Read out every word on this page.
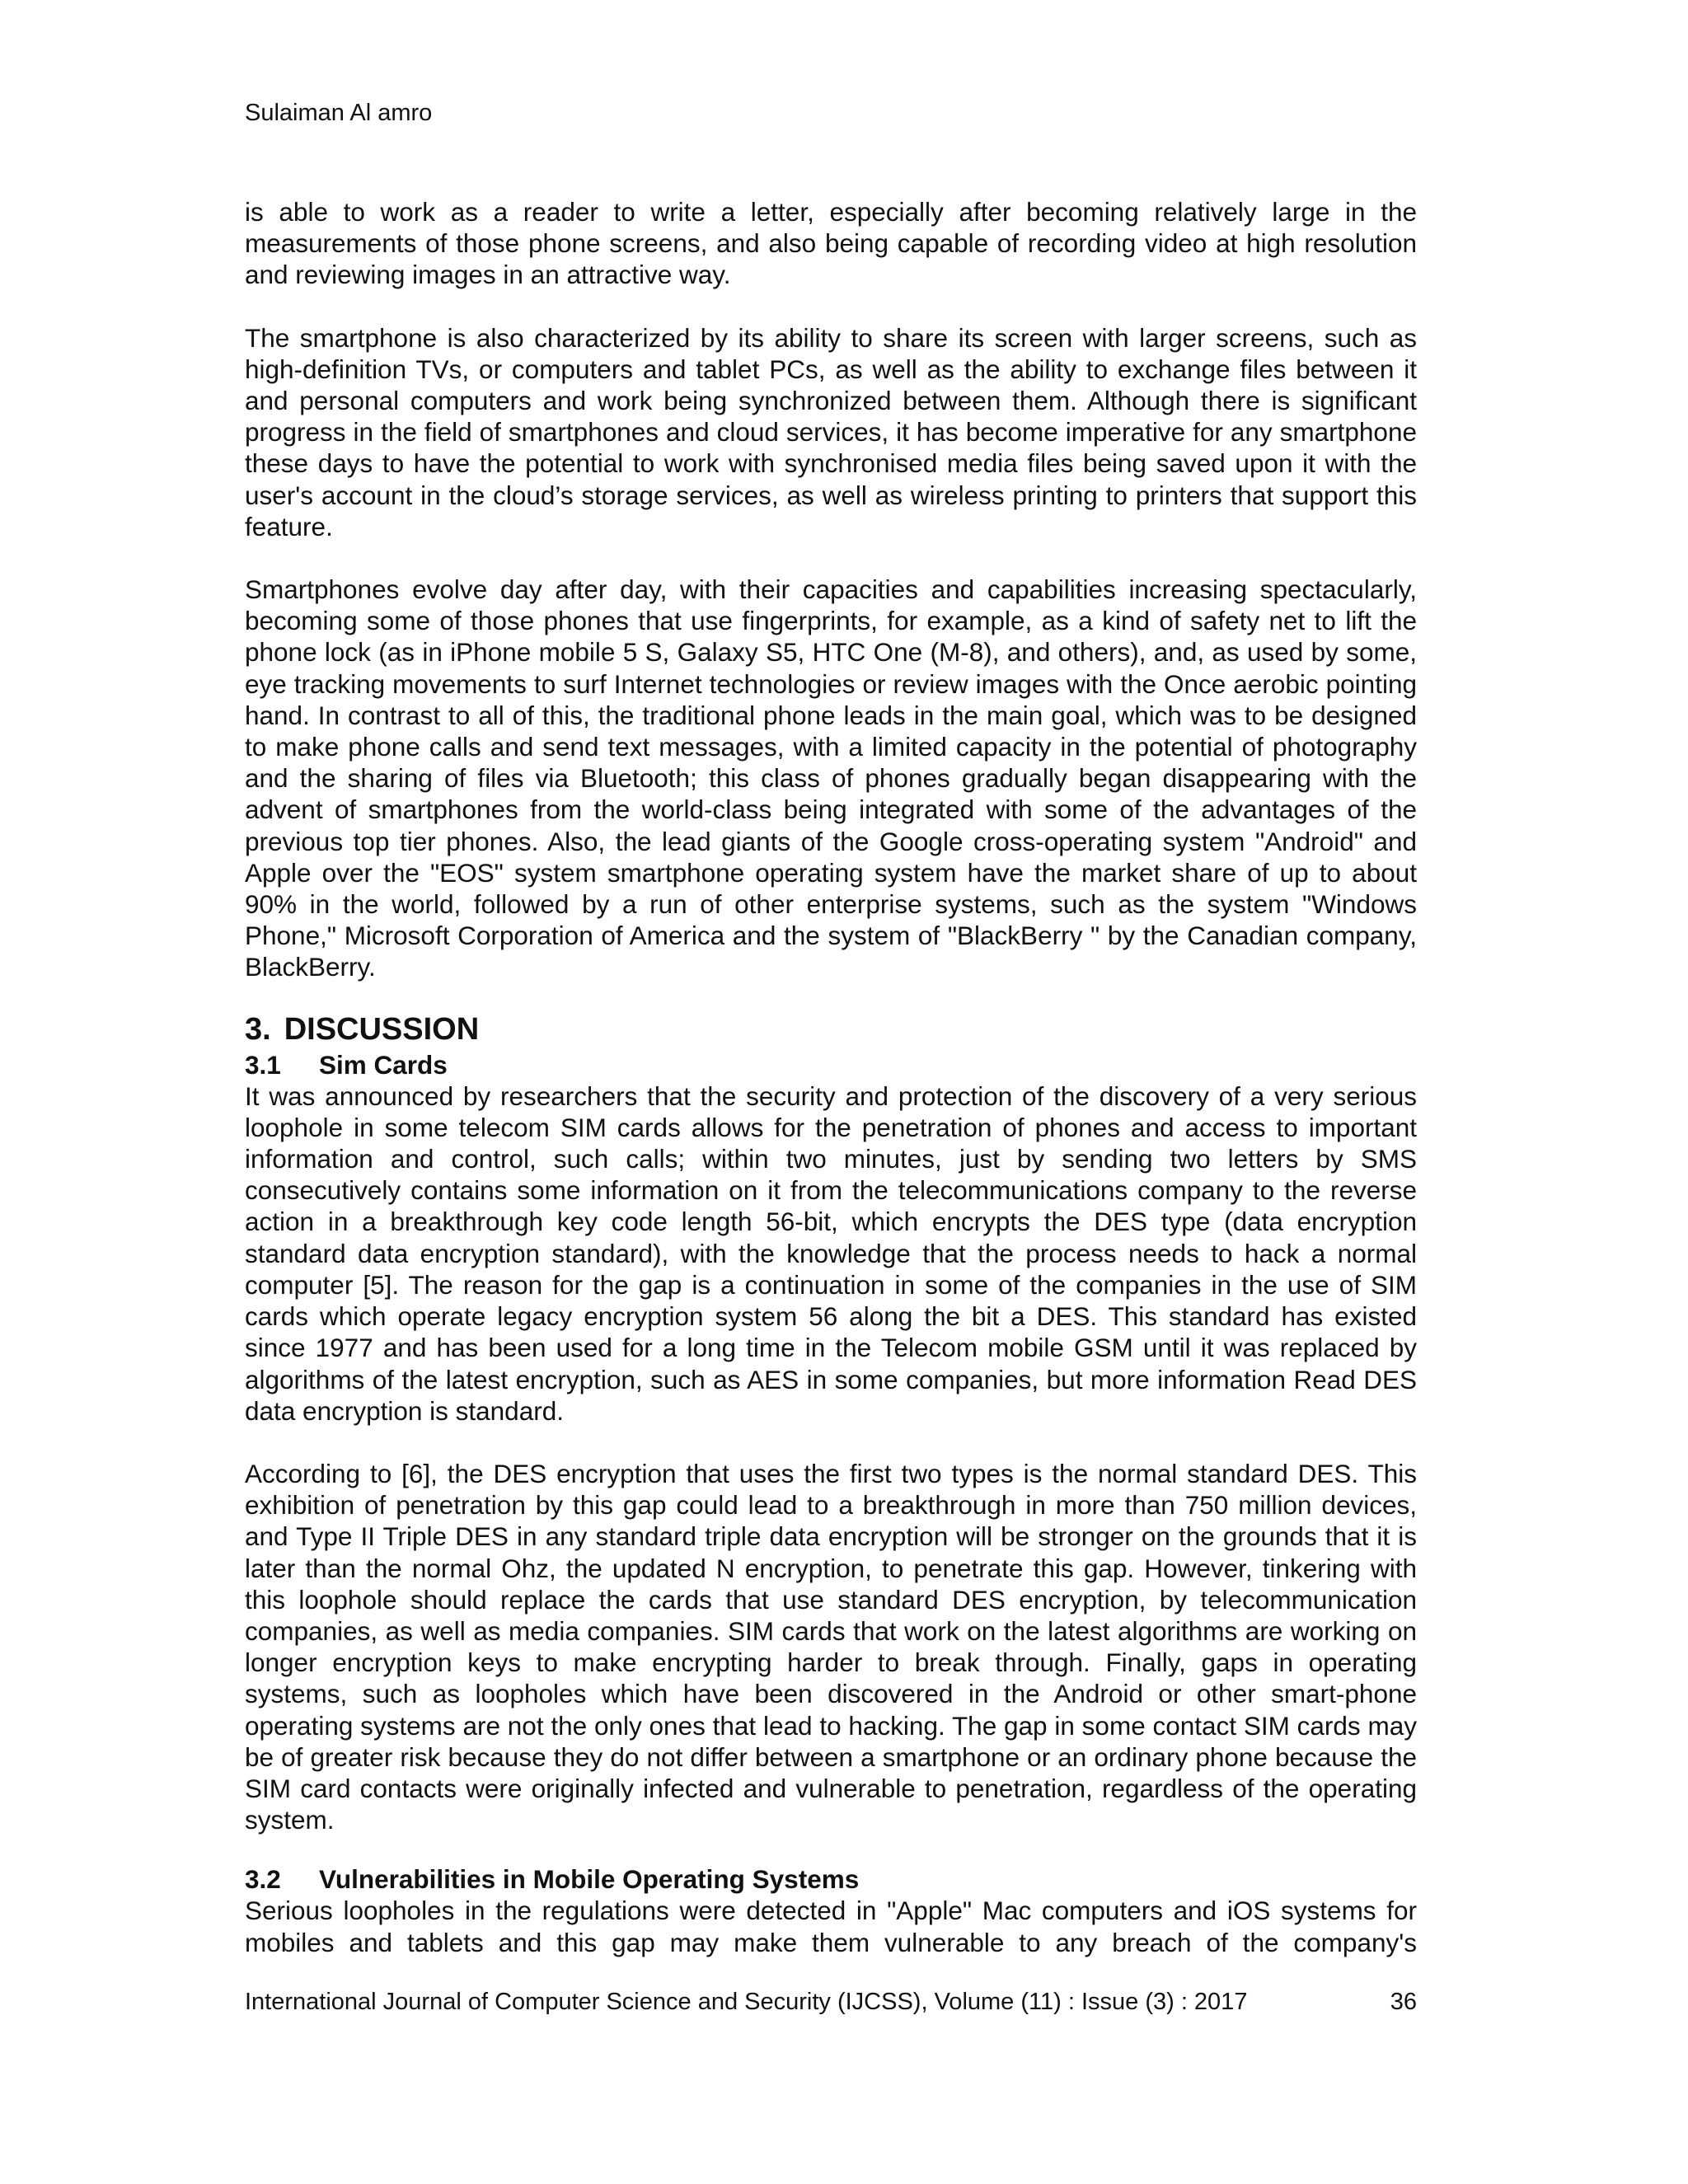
Sulaiman Al amro

is able to work as a reader to write a letter, especially after becoming relatively large in the measurements of those phone screens, and also being capable of recording video at high resolution and reviewing images in an attractive way.

The smartphone is also characterized by its ability to share its screen with larger screens, such as high-definition TVs, or computers and tablet PCs, as well as the ability to exchange files between it and personal computers and work being synchronized between them. Although there is significant progress in the field of smartphones and cloud services, it has become imperative for any smartphone these days to have the potential to work with synchronised media files being saved upon it with the user's account in the cloud’s storage services, as well as wireless printing to printers that support this feature.

Smartphones evolve day after day, with their capacities and capabilities increasing spectacularly, becoming some of those phones that use fingerprints, for example, as a kind of safety net to lift the phone lock (as in iPhone mobile 5 S, Galaxy S5, HTC One (M-8), and others), and, as used by some, eye tracking movements to surf Internet technologies or review images with the Once aerobic pointing hand. In contrast to all of this, the traditional phone leads in the main goal, which was to be designed to make phone calls and send text messages, with a limited capacity in the potential of photography and the sharing of files via Bluetooth; this class of phones gradually began disappearing with the advent of smartphones from the world-class being integrated with some of the advantages of the previous top tier phones. Also, the lead giants of the Google cross-operating system "Android" and Apple over the "EOS" system smartphone operating system have the market share of up to about 90% in the world, followed by a run of other enterprise systems, such as the system "Windows Phone," Microsoft Corporation of America and the system of "BlackBerry " by the Canadian company, BlackBerry.

3. DISCUSSION
3.1 Sim Cards

It was announced by researchers that the security and protection of the discovery of a very serious loophole in some telecom SIM cards allows for the penetration of phones and access to important information and control, such calls; within two minutes, just by sending two letters by SMS consecutively contains some information on it from the telecommunications company to the reverse action in a breakthrough key code length 56-bit, which encrypts the DES type (data encryption standard data encryption standard), with the knowledge that the process needs to hack a normal computer [5]. The reason for the gap is a continuation in some of the companies in the use of SIM cards which operate legacy encryption system 56 along the bit a DES. This standard has existed since 1977 and has been used for a long time in the Telecom mobile GSM until it was replaced by algorithms of the latest encryption, such as AES in some companies, but more information Read DES data encryption is standard.

According to [6], the DES encryption that uses the first two types is the normal standard DES. This exhibition of penetration by this gap could lead to a breakthrough in more than 750 million devices, and Type II Triple DES in any standard triple data encryption will be stronger on the grounds that it is later than the normal Ohz, the updated N encryption, to penetrate this gap. However, tinkering with this loophole should replace the cards that use standard DES encryption, by telecommunication companies, as well as media companies. SIM cards that work on the latest algorithms are working on longer encryption keys to make encrypting harder to break through. Finally, gaps in operating systems, such as loopholes which have been discovered in the Android or other smart-phone operating systems are not the only ones that lead to hacking. The gap in some contact SIM cards may be of greater risk because they do not differ between a smartphone or an ordinary phone because the SIM card contacts were originally infected and vulnerable to penetration, regardless of the operating system.

3.2 Vulnerabilities in Mobile Operating Systems

Serious loopholes in the regulations were detected in "Apple" Mac computers and iOS systems for mobiles and tablets and this gap may make them vulnerable to any breach of the company's

International Journal of Computer Science and Security (IJCSS), Volume (11) : Issue (3) : 2017	36
